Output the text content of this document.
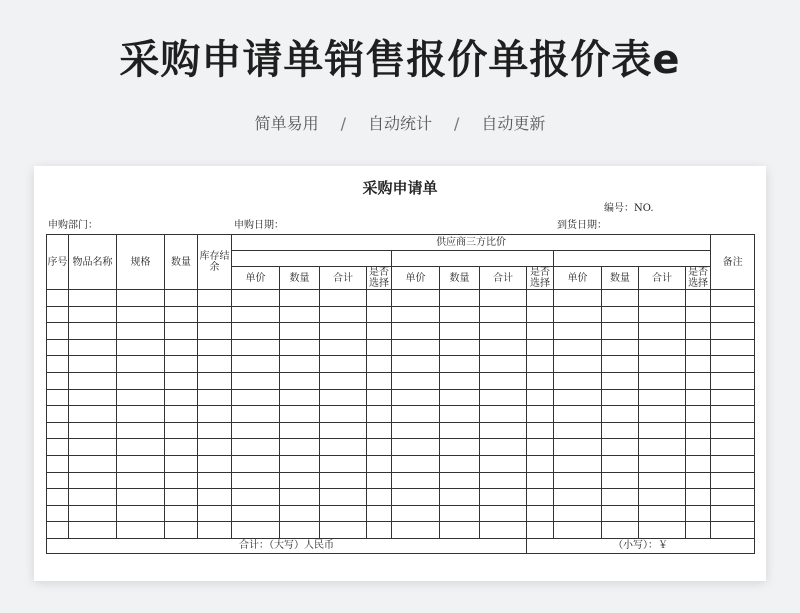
采购申请单销售报价单报价表e
简单易用 / 自动统计 / 自动更新
采购申请单
编号：NO.
申购部门：	申购日期：	到货日期：
序号	物品名称	规格	数量	库存结余	供应商三方比价												备注

					单价	数量	合计	是否选择	单价	数量	合计	是否选择	单价	数量	合计	是否选择	

合计：（大写）人民币												（小写）：￥					
